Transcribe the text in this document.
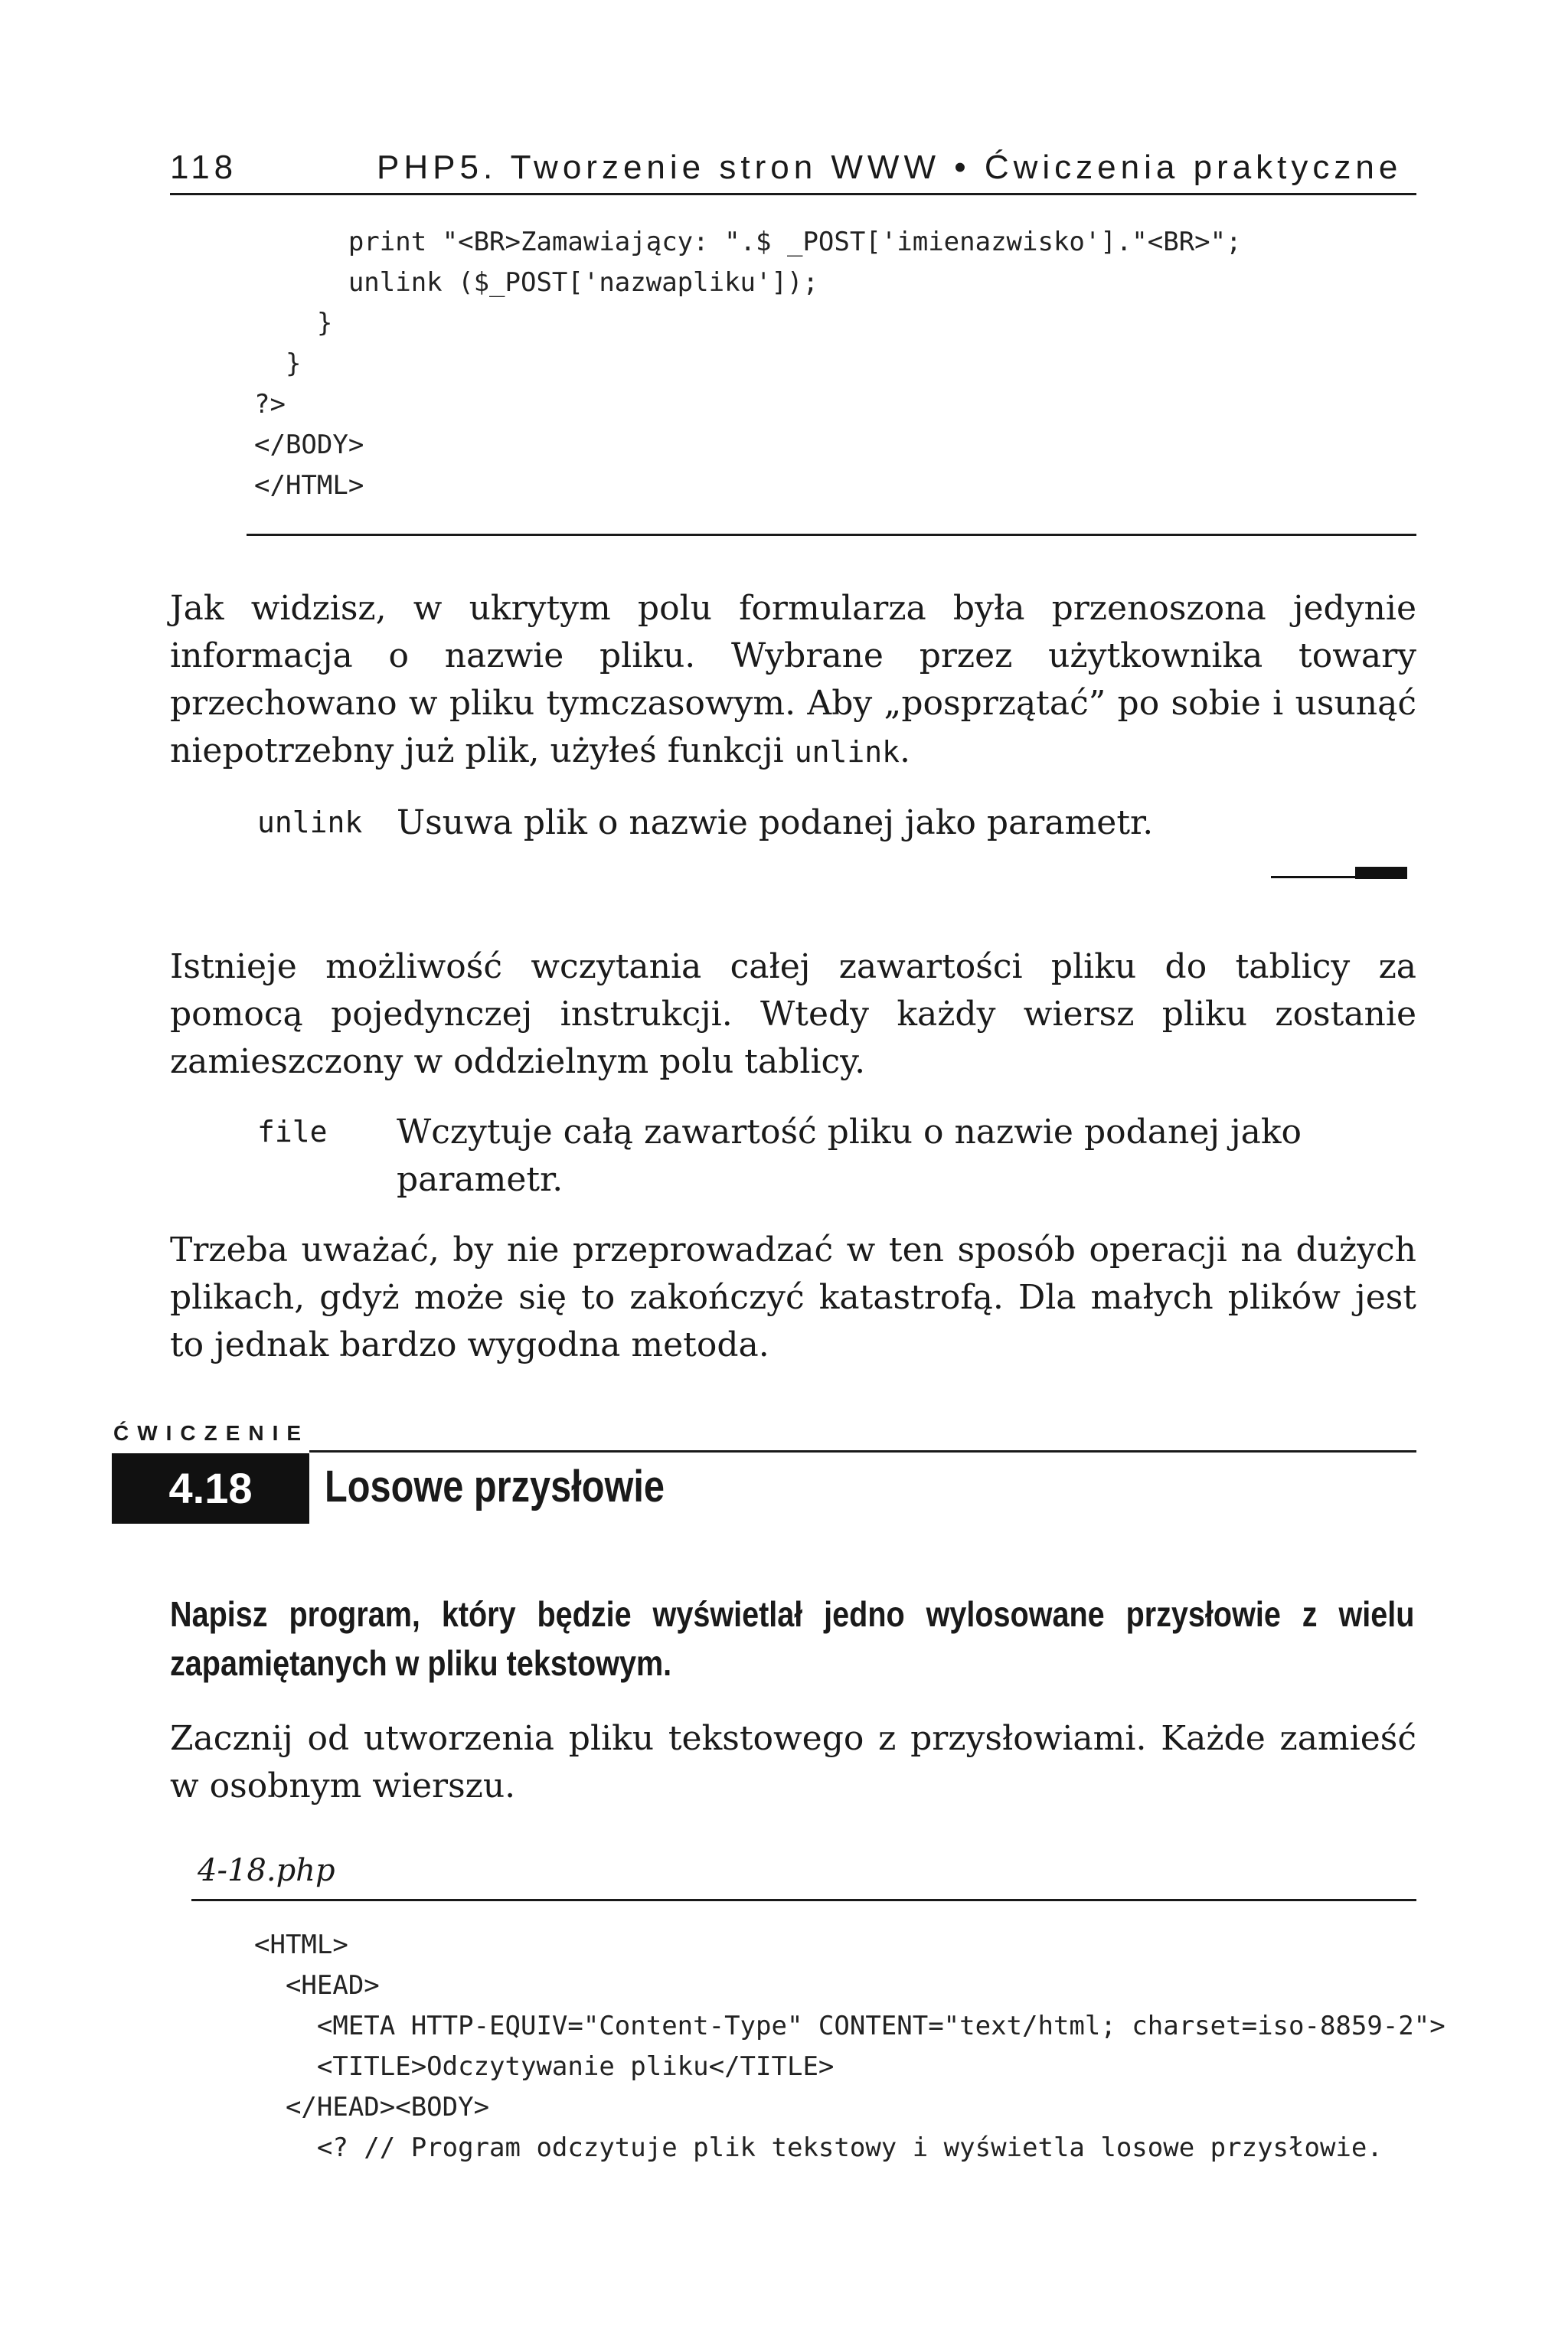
118	PHP5. Tworzenie stron WWW • Ćwiczenia praktyczne
print "<BR>Zamawiający: ".$ _POST['imienazwisko']."<BR>";
unlink ($_POST['nazwapliku']);
}
}
?>
</BODY>
</HTML>

Jak widzisz, w ukrytym polu formularza była przenoszona jedynie informacja o nazwie pliku. Wybrane przez użytkownika towary przechowano w pliku tymczasowym. Aby „posprzątać” po sobie i usunąć niepotrzebny już plik, użyłeś funkcji unlink.

unlink Usuwa plik o nazwie podanej jako parametr.

Istnieje możliwość wczytania całej zawartości pliku do tablicy za pomocą pojedynczej instrukcji. Wtedy każdy wiersz pliku zostanie zamieszczony w oddzielnym polu tablicy.

file Wczytuje całą zawartość pliku o nazwie podanej jako parametr.

Trzeba uważać, by nie przeprowadzać w ten sposób operacji na dużych plikach, gdyż może się to zakończyć katastrofą. Dla małych plików jest to jednak bardzo wygodna metoda.

ĆWICZENIE
4.18	Losowe przysłowie

Napisz program, który będzie wyświetlał jedno wylosowane przysłowie z wielu zapamiętanych w pliku tekstowym.

Zacznij od utworzenia pliku tekstowego z przysłowiami. Każde zamieść w osobnym wierszu.

4-18.php
<HTML>
<HEAD>
<META HTTP-EQUIV="Content-Type" CONTENT="text/html; charset=iso-8859-2">
<TITLE>Odczytywanie pliku</TITLE>
</HEAD><BODY>
<? // Program odczytuje plik tekstowy i wyświetla losowe przysłowie.
